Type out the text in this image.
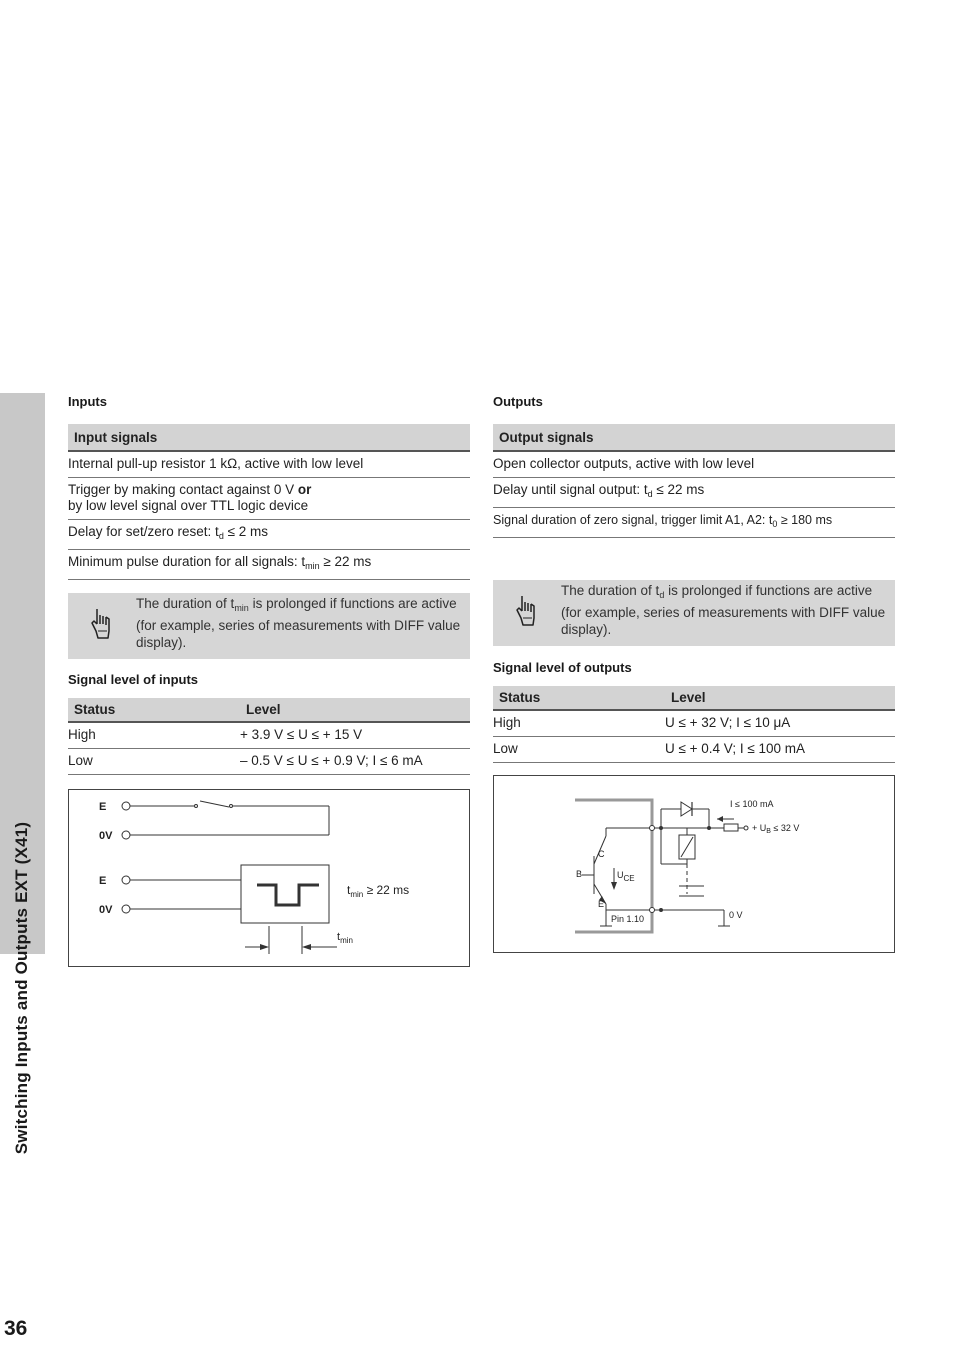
Switching Inputs and Outputs EXT (X41)
36
Inputs
Input signals
Internal pull-up resistor 1 kΩ, active with low level
Trigger by making contact against 0 V or
by low level signal over TTL logic device
Delay for set/zero reset: $t_d \le 2$ ms
Minimum pulse duration for all signals: $t_{min} \ge 22$ ms
The duration of $t_{min}$ is prolonged if functions are active (for example, series of measurements with DIFF value display).
Signal level of inputs
Status	Level
High	+ 3.9 V ≤ U ≤ + 15 V
Low	– 0.5 V ≤ U ≤ + 0.9 V; I ≤ 6 mA
E
0V
E
0V
$t_{min} \ge 22$ ms
$t_{min}$
Outputs
Output signals
Open collector outputs, active with low level
Delay until signal output: $t_d \le 22$ ms
Signal duration of zero signal, trigger limit A1, A2: $t_0 \ge 180$ ms
The duration of $t_d$ is prolonged if functions are active (for example, series of measurements with DIFF value display).
Signal level of outputs
Status	Level
High	U ≤ + 32 V; I ≤ 10 μA
Low	U ≤ + 0.4 V; I ≤ 100 mA
I ≤ 100 mA
+ $U_B \le 32$ V
C
B
E
UCE
Pin 1.10	0 V
